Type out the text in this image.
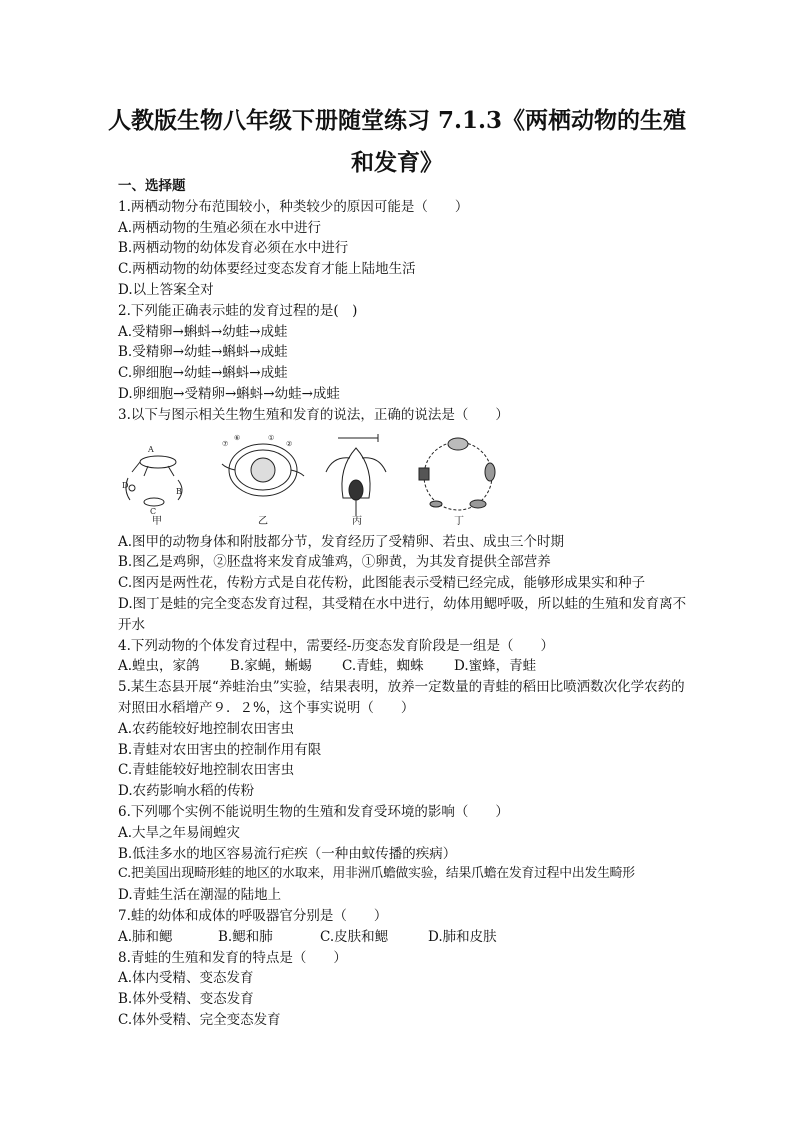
人教版生物八年级下册随堂练习 7.1.3《两栖动物的生殖和发育》
一、选择题
1.两栖动物分布范围较小，种类较少的原因可能是（　　）
A.两栖动物的生殖必须在水中进行
B.两栖动物的幼体发育必须在水中进行
C.两栖动物的幼体要经过变态发育才能上陆地生活
D.以上答案全对
2.下列能正确表示蛙的发育过程的是(　)
A.受精卵→蝌蚪→幼蛙→成蛙
B.受精卵→幼蛙→蝌蚪→成蛙
C.卵细胞→幼蛙→蝌蚪→成蛙
D.卵细胞→受精卵→蝌蚪→幼蛙→成蛙
3.以下与图示相关生物生殖和发育的说法，正确的说法是（　　）
D
B
C
A
⑦
⑥	①
②
甲	乙	丙	丁
A.图甲的动物身体和附肢都分节，发育经历了受精卵、若虫、成虫三个时期
B.图乙是鸡卵，②胚盘将来发育成雏鸡，①卵黄，为其发育提供全部营养
C.图丙是两性花，传粉方式是自花传粉，此图能表示受精已经完成，能够形成果实和种子
D.图丁是蛙的完全变态发育过程，其受精在水中进行，幼体用鳃呼吸，所以蛙的生殖和发育离不开水
4.下列动物的个体发育过程中，需要经-历变态发育阶段是一组是（　　）
A.蝗虫，家鸽 B.家蝇，蜥蜴 C.青蛙，蜘蛛 D.蜜蜂，青蛙
5.某生态县开展“养蛙治虫”实验，结果表明，放养一定数量的青蛙的稻田比喷洒数次化学农药的对照田水稻增产９．２%，这个事实说明（　　）
A.农药能较好地控制农田害虫
B.青蛙对农田害虫的控制作用有限
C.青蛙能较好地控制农田害虫
D.农药影响水稻的传粉
6.下列哪个实例不能说明生物的生殖和发育受环境的影响（　　）
A.大旱之年易闹蝗灾
B.低洼多水的地区容易流行疟疾（一种由蚊传播的疾病）
C.把美国出现畸形蛙的地区的水取来，用非洲爪蟾做实验，结果爪蟾在发育过程中出发生畸形
D.青蛙生活在潮湿的陆地上
7.蛙的幼体和成体的呼吸器官分别是（　　）
A.肺和鳃	B.鳃和肺	C.皮肤和鳃	D.肺和皮肤
8.青蛙的生殖和发育的特点是（　　）
A.体内受精、变态发育
B.体外受精、变态发育
C.体外受精、完全变态发育
